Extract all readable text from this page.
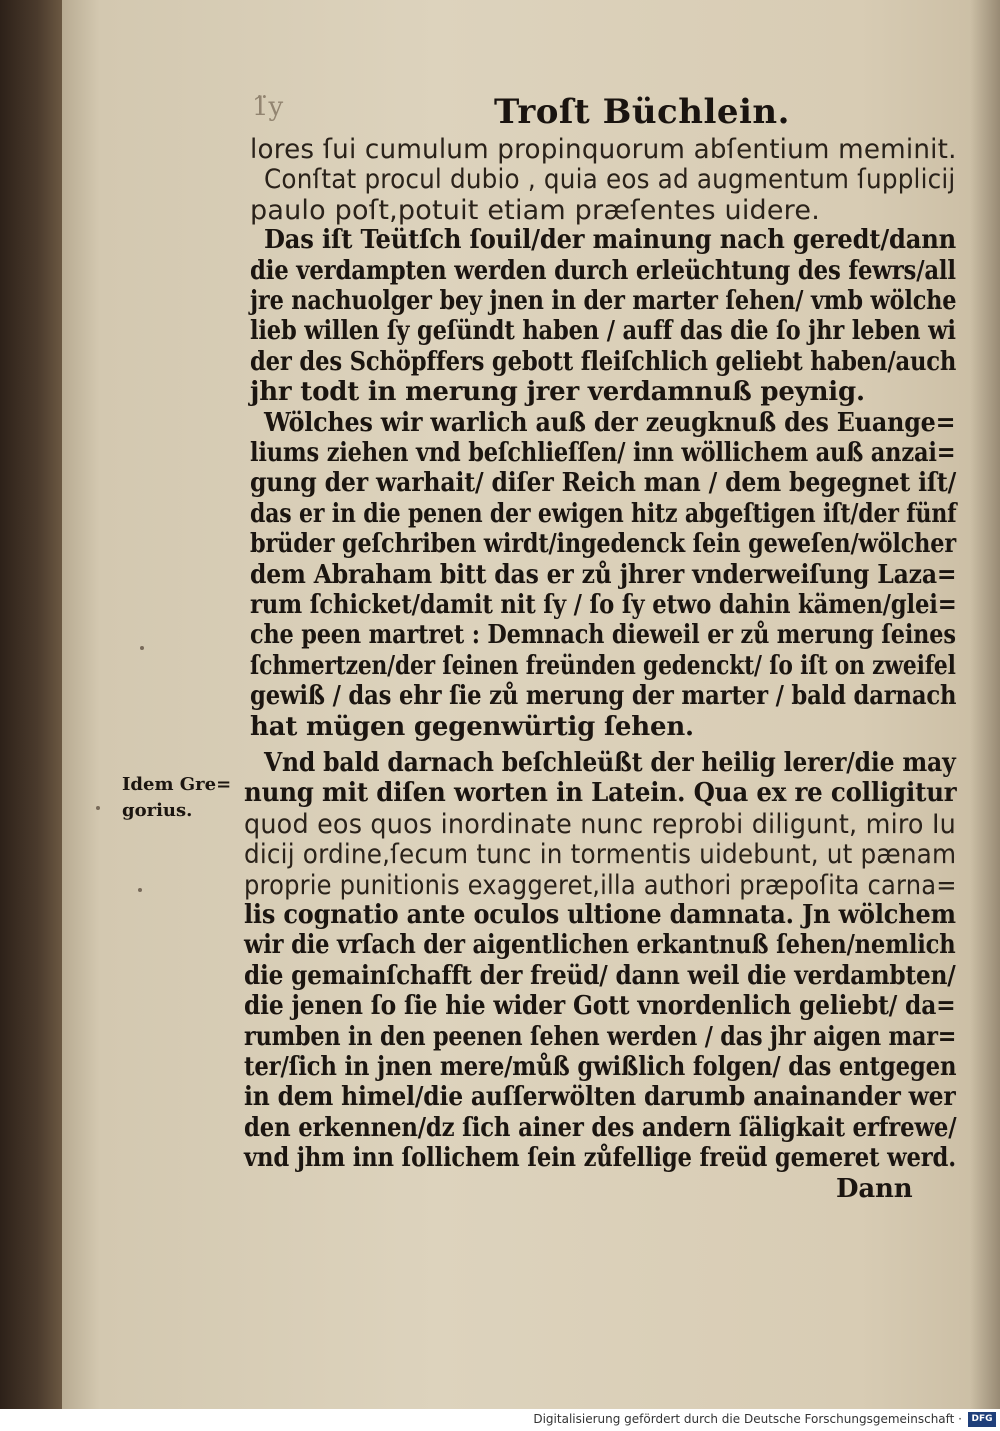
1̈y	Troſt Büchlein.
Idem Gre=
gorius.
lores ſui cumulum propinquorum abſentium meminit.
Conſtat procul dubio , quia eos ad augmentum ſupplicij
paulo poſt,potuit etiam præſentes uidere.
Das iſt Teütſch ſouil/der mainung nach geredt/dann
die verdampten werden durch erleüchtung des fewrs/all
jre nachuolger bey jnen in der marter ſehen/ vmb wölche
lieb willen ſy geſündt haben / auff das die ſo jhr leben wi
der des Schöpffers gebott fleiſchlich geliebt haben/auch
jhr todt in merung jrer verdamnuß peynig.
Wölches wir warlich auß der zeugknuß des Euange=
liums ziehen vnd beſchlieſſen/ inn wöllichem auß anzai=
gung der warhait/ diſer Reich man / dem begegnet iſt/
das er in die penen der ewigen hitz abgeſtigen iſt/der fünf
brüder geſchriben wirdt/ingedenck ſein geweſen/wölcher
dem Abraham bitt das er zů jhrer vnderweiſung Laza=
rum ſchicket/damit nit ſy / ſo ſy etwo dahin kämen/glei=
che peen martret : Demnach dieweil er zů merung ſeines
ſchmertzen/der ſeinen freünden gedenckt/ ſo iſt on zweifel
gewiß / das ehr ſie zů merung der marter / bald darnach
hat mügen gegenwürtig ſehen.
Vnd bald darnach beſchleüßt der heilig lerer/die may
nung mit diſen worten in Latein. Qua ex re colligitur
quod eos quos inordinate nunc reprobi diligunt, miro Iu
dicij ordine,ſecum tunc in tormentis uidebunt, ut pænam
proprie punitionis exaggeret,illa authori præpoſita carna=
lis cognatio ante oculos ultione damnata. Jn wölchem
wir die vrſach der aigentlichen erkantnuß ſehen/nemlich
die gemainſchafft der freüd/ dann weil die verdambten/
die jenen ſo ſie hie wider Gott vnordenlich geliebt/ da=
rumben in den peenen ſehen werden / das jhr aigen mar=
ter/ſich in jnen mere/můß gwißlich folgen/ das entgegen
in dem himel/die auſſerwölten darumb anainander wer
den erkennen/dz ſich ainer des andern ſäligkait erfrewe/
vnd jhm inn ſollichem ſein zůfellige freüd gemeret werd.
Dann
Digitalisierung gefördert durch die Deutsche Forschungsgemeinschaft ·	DFG
